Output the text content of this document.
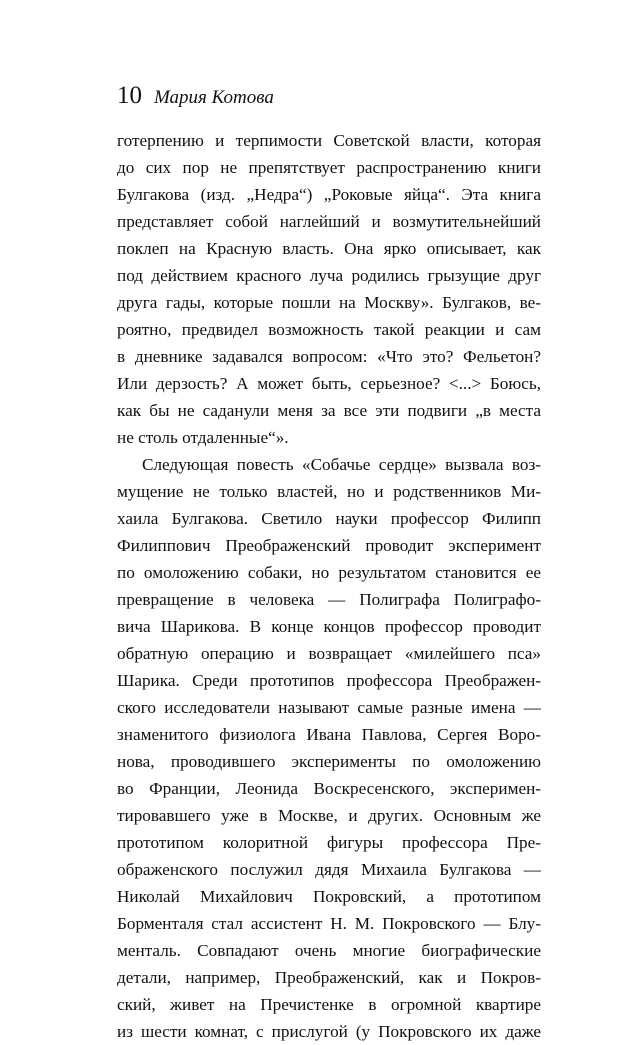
10 Мария Котова
готерпению и терпимости Советской власти, которая
до сих пор не препятствует распространению книги
Булгакова (изд. „Недра“) „Роковые яйца“. Эта книга
представляет собой наглейший и возмутительнейший
поклеп на Красную власть. Она ярко описывает, как
под действием красного луча родились грызущие друг
друга гады, которые пошли на Москву». Булгаков, ве-
роятно, предвидел возможность такой реакции и сам
в дневнике задавался вопросом: «Что это? Фельетон?
Или дерзость? А может быть, серьезное? <...> Боюсь,
как бы не саданули меня за все эти подвиги „в места
не столь отдаленные“».
Следующая повесть «Собачье сердце» вызвала воз-
мущение не только властей, но и родственников Ми-
хаила Булгакова. Светило науки профессор Филипп
Филиппович Преображенский проводит эксперимент
по омоложению собаки, но результатом становится ее
превращение в человека — Полиграфа Полиграфо-
вича Шарикова. В конце концов профессор проводит
обратную операцию и возвращает «милейшего пса»
Шарика. Среди прототипов профессора Преображен-
ского исследователи называют самые разные имена —
знаменитого физиолога Ивана Павлова, Сергея Воро-
нова, проводившего эксперименты по омоложению
во Франции, Леонида Воскресенского, эксперимен-
тировавшего уже в Москве, и других. Основным же
прототипом колоритной фигуры профессора Пре-
ображенского послужил дядя Михаила Булгакова —
Николай Михайлович Покровский, а прототипом
Борменталя стал ассистент Н. М. Покровского — Блу-
менталь. Совпадают очень многие биографические
детали, например, Преображенский, как и Покров-
ский, живет на Пречистенке в огромной квартире
из шести комнат, с прислугой (у Покровского их даже
